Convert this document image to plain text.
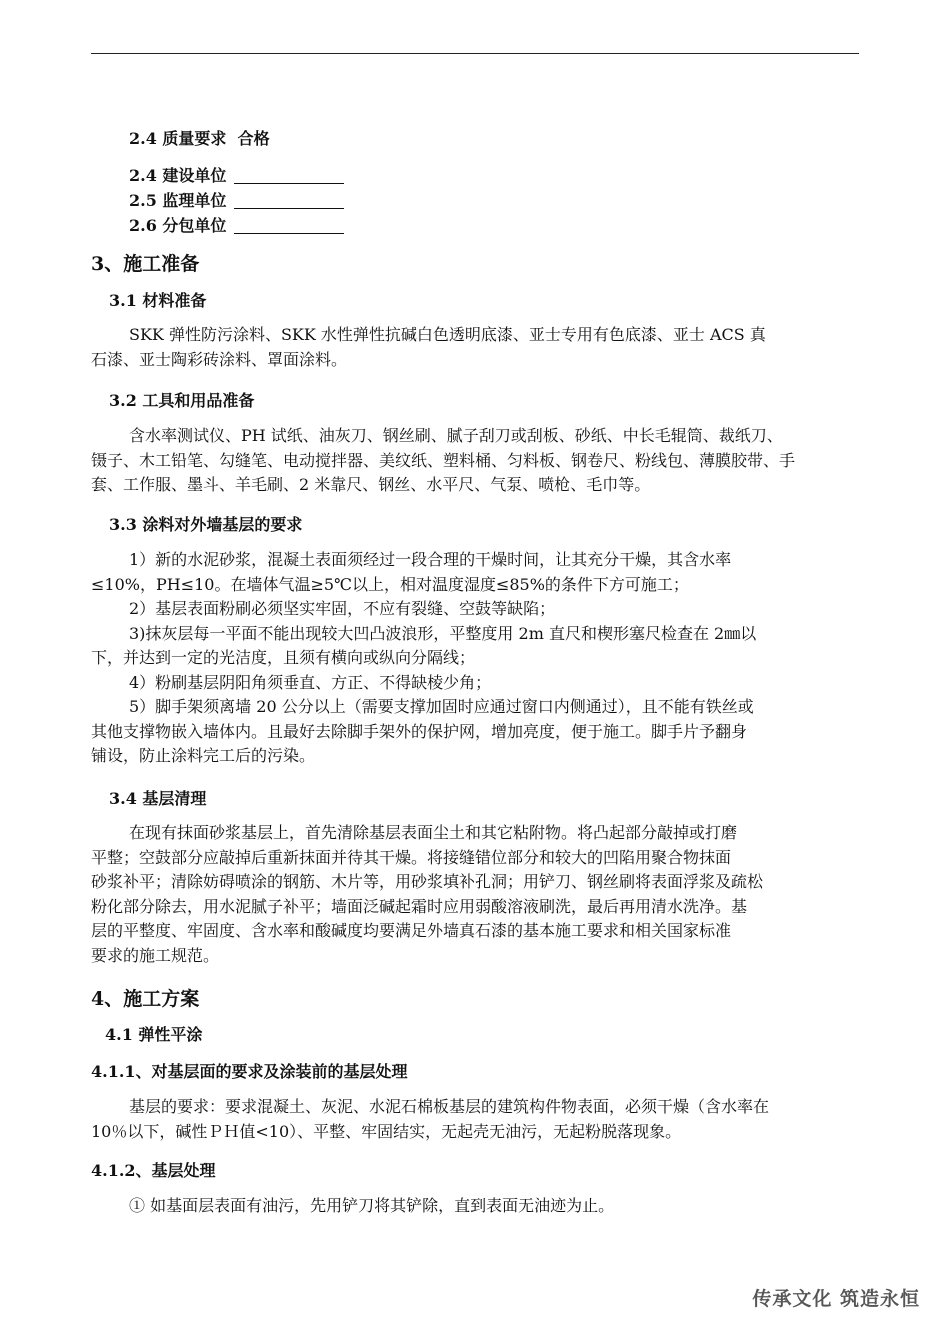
2.4 质量要求 合格
2.4 建设单位
2.5 监理单位
2.6 分包单位
3、施工准备
3.1 材料准备
SKK 弹性防污涂料、SKK 水性弹性抗碱白色透明底漆、亚士专用有色底漆、亚士 ACS 真
石漆、亚士陶彩砖涂料、罩面涂料。
3.2 工具和用品准备
含水率测试仪、PH 试纸、油灰刀、钢丝刷、腻子刮刀或刮板、砂纸、中长毛辊筒、裁纸刀、
镊子、木工铅笔、勾缝笔、电动搅拌器、美纹纸、塑料桶、匀料板、钢卷尺、粉线包、薄膜胶带、手
套、工作服、墨斗、羊毛刷、2 米靠尺、钢丝、水平尺、气泵、喷枪、毛巾等。
3.3 涂料对外墙基层的要求
1）新的水泥砂浆，混凝土表面须经过一段合理的干燥时间，让其充分干燥，其含水率
≤10%，PH≤10。在墙体气温≥5℃以上，相对温度湿度≤85%的条件下方可施工；
2）基层表面粉刷必须坚实牢固，不应有裂缝、空鼓等缺陷；
3)抹灰层每一平面不能出现较大凹凸波浪形，平整度用 2m 直尺和楔形塞尺检查在 2㎜以
下，并达到一定的光洁度，且须有横向或纵向分隔线；
4）粉刷基层阴阳角须垂直、方正、不得缺棱少角；
5）脚手架须离墙 20 公分以上（需要支撑加固时应通过窗口内侧通过），且不能有铁丝或
其他支撑物嵌入墙体内。且最好去除脚手架外的保护网，增加亮度，便于施工。脚手片予翻身
铺设，防止涂料完工后的污染。
3.4 基层清理
在现有抹面砂浆基层上，首先清除基层表面尘土和其它粘附物。将凸起部分敲掉或打磨
平整；空鼓部分应敲掉后重新抹面并待其干燥。将接缝错位部分和较大的凹陷用聚合物抹面
砂浆补平；清除妨碍喷涂的钢筋、木片等，用砂浆填补孔洞；用铲刀、钢丝刷将表面浮浆及疏松
粉化部分除去，用水泥腻子补平；墙面泛碱起霜时应用弱酸溶液刷洗，最后再用清水洗净。基
层的平整度、牢固度、含水率和酸碱度均要满足外墙真石漆的基本施工要求和相关国家标准
要求的施工规范。
4、施工方案
4.1 弹性平涂
4.1.1、对基层面的要求及涂装前的基层处理
基层的要求：要求混凝土、灰泥、水泥石棉板基层的建筑构件物表面，必须干燥（含水率在
10％以下，碱性ＰＨ值<10）、平整、牢固结实，无起壳无油污，无起粉脱落现象。
4.1.2、基层处理
① 如基面层表面有油污，先用铲刀将其铲除，直到表面无油迹为止。
传承文化 筑造永恒
